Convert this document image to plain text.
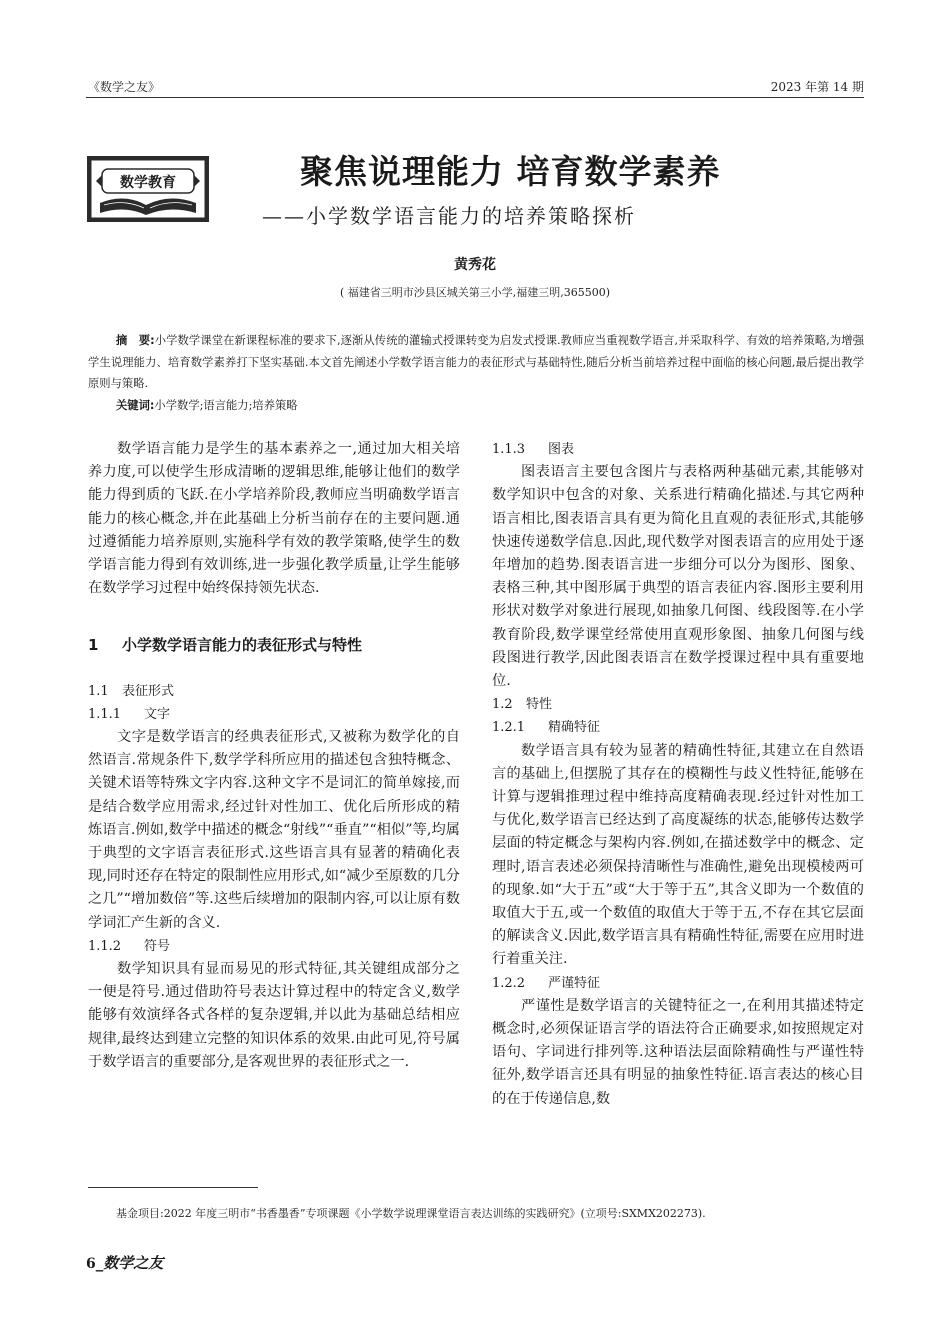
《数学之友》	2023 年第 14 期
数学教育	聚焦说理能力 培育数学素养
——小学数学语言能力的培养策略探析
黄秀花
( 福建省三明市沙县区城关第三小学,福建三明,365500)
摘　要:小学数学课堂在新课程标准的要求下,逐渐从传统的灌输式授课转变为启发式授课.教师应当重视数学语言,并采取科学、有效的培养策略,为增强学生说理能力、培育数学素养打下坚实基础.本文首先阐述小学数学语言能力的表征形式与基础特性,随后分析当前培养过程中面临的核心问题,最后提出教学原则与策略.
关键词:小学数学;语言能力;培养策略

数学语言能力是学生的基本素养之一,通过加大相关培养力度,可以使学生形成清晰的逻辑思维,能够让他们的数学能力得到质的飞跃.在小学培养阶段,教师应当明确数学语言能力的核心概念,并在此基础上分析当前存在的主要问题.通过遵循能力培养原则,实施科学有效的教学策略,使学生的数学语言能力得到有效训练,进一步强化教学质量,让学生能够在数学学习过程中始终保持领先状态.

1 小学数学语言能力的表征形式与特性
1.1 表征形式
1.1.1 文字

文字是数学语言的经典表征形式,又被称为数学化的自然语言.常规条件下,数学学科所应用的描述包含独特概念、关键术语等特殊文字内容.这种文字不是词汇的简单嫁接,而是结合数学应用需求,经过针对性加工、优化后所形成的精炼语言.例如,数学中描述的概念“射线”“垂直”“相似”等,均属于典型的文字语言表征形式.这些语言具有显著的精确化表现,同时还存在特定的限制性应用形式,如“减少至原数的几分之几”“增加数倍”等.这些后续增加的限制内容,可以让原有数学词汇产生新的含义.

1.1.2 符号

数学知识具有显而易见的形式特征,其关键组成部分之一便是符号.通过借助符号表达计算过程中的特定含义,数学能够有效演绎各式各样的复杂逻辑,并以此为基础总结相应规律,最终达到建立完整的知识体系的效果.由此可见,符号属于数学语言的重要部分,是客观世界的表征形式之一.

1.1.3 图表

图表语言主要包含图片与表格两种基础元素,其能够对数学知识中包含的对象、关系进行精确化描述.与其它两种语言相比,图表语言具有更为简化且直观的表征形式,其能够快速传递数学信息.因此,现代数学对图表语言的应用处于逐年增加的趋势.图表语言进一步细分可以分为图形、图象、表格三种,其中图形属于典型的语言表征内容.图形主要利用形状对数学对象进行展现,如抽象几何图、线段图等.在小学教育阶段,数学课堂经常使用直观形象图、抽象几何图与线段图进行教学,因此图表语言在数学授课过程中具有重要地位.

1.2 特性
1.2.1 精确特征

数学语言具有较为显著的精确性特征,其建立在自然语言的基础上,但摆脱了其存在的模糊性与歧义性特征,能够在计算与逻辑推理过程中维持高度精确表现.经过针对性加工与优化,数学语言已经达到了高度凝练的状态,能够传达数学层面的特定概念与架构内容.例如,在描述数学中的概念、定理时,语言表述必须保持清晰性与准确性,避免出现模棱两可的现象.如“大于五”或“大于等于五”,其含义即为一个数值的取值大于五,或一个数值的取值大于等于五,不存在其它层面的解读含义.因此,数学语言具有精确性特征,需要在应用时进行着重关注.

1.2.2 严谨特征

严谨性是数学语言的关键特征之一,在利用其描述特定概念时,必须保证语言学的语法符合正确要求,如按照规定对语句、字词进行排列等.这种语法层面除精确性与严谨性特征外,数学语言还具有明显的抽象性特征.语言表达的核心目的在于传递信息,数

基金项目:2022 年度三明市“书香墨香”专项课题《小学数学说理课堂语言表达训练的实践研究》(立项号:SXMX202273).
6_数学之友
